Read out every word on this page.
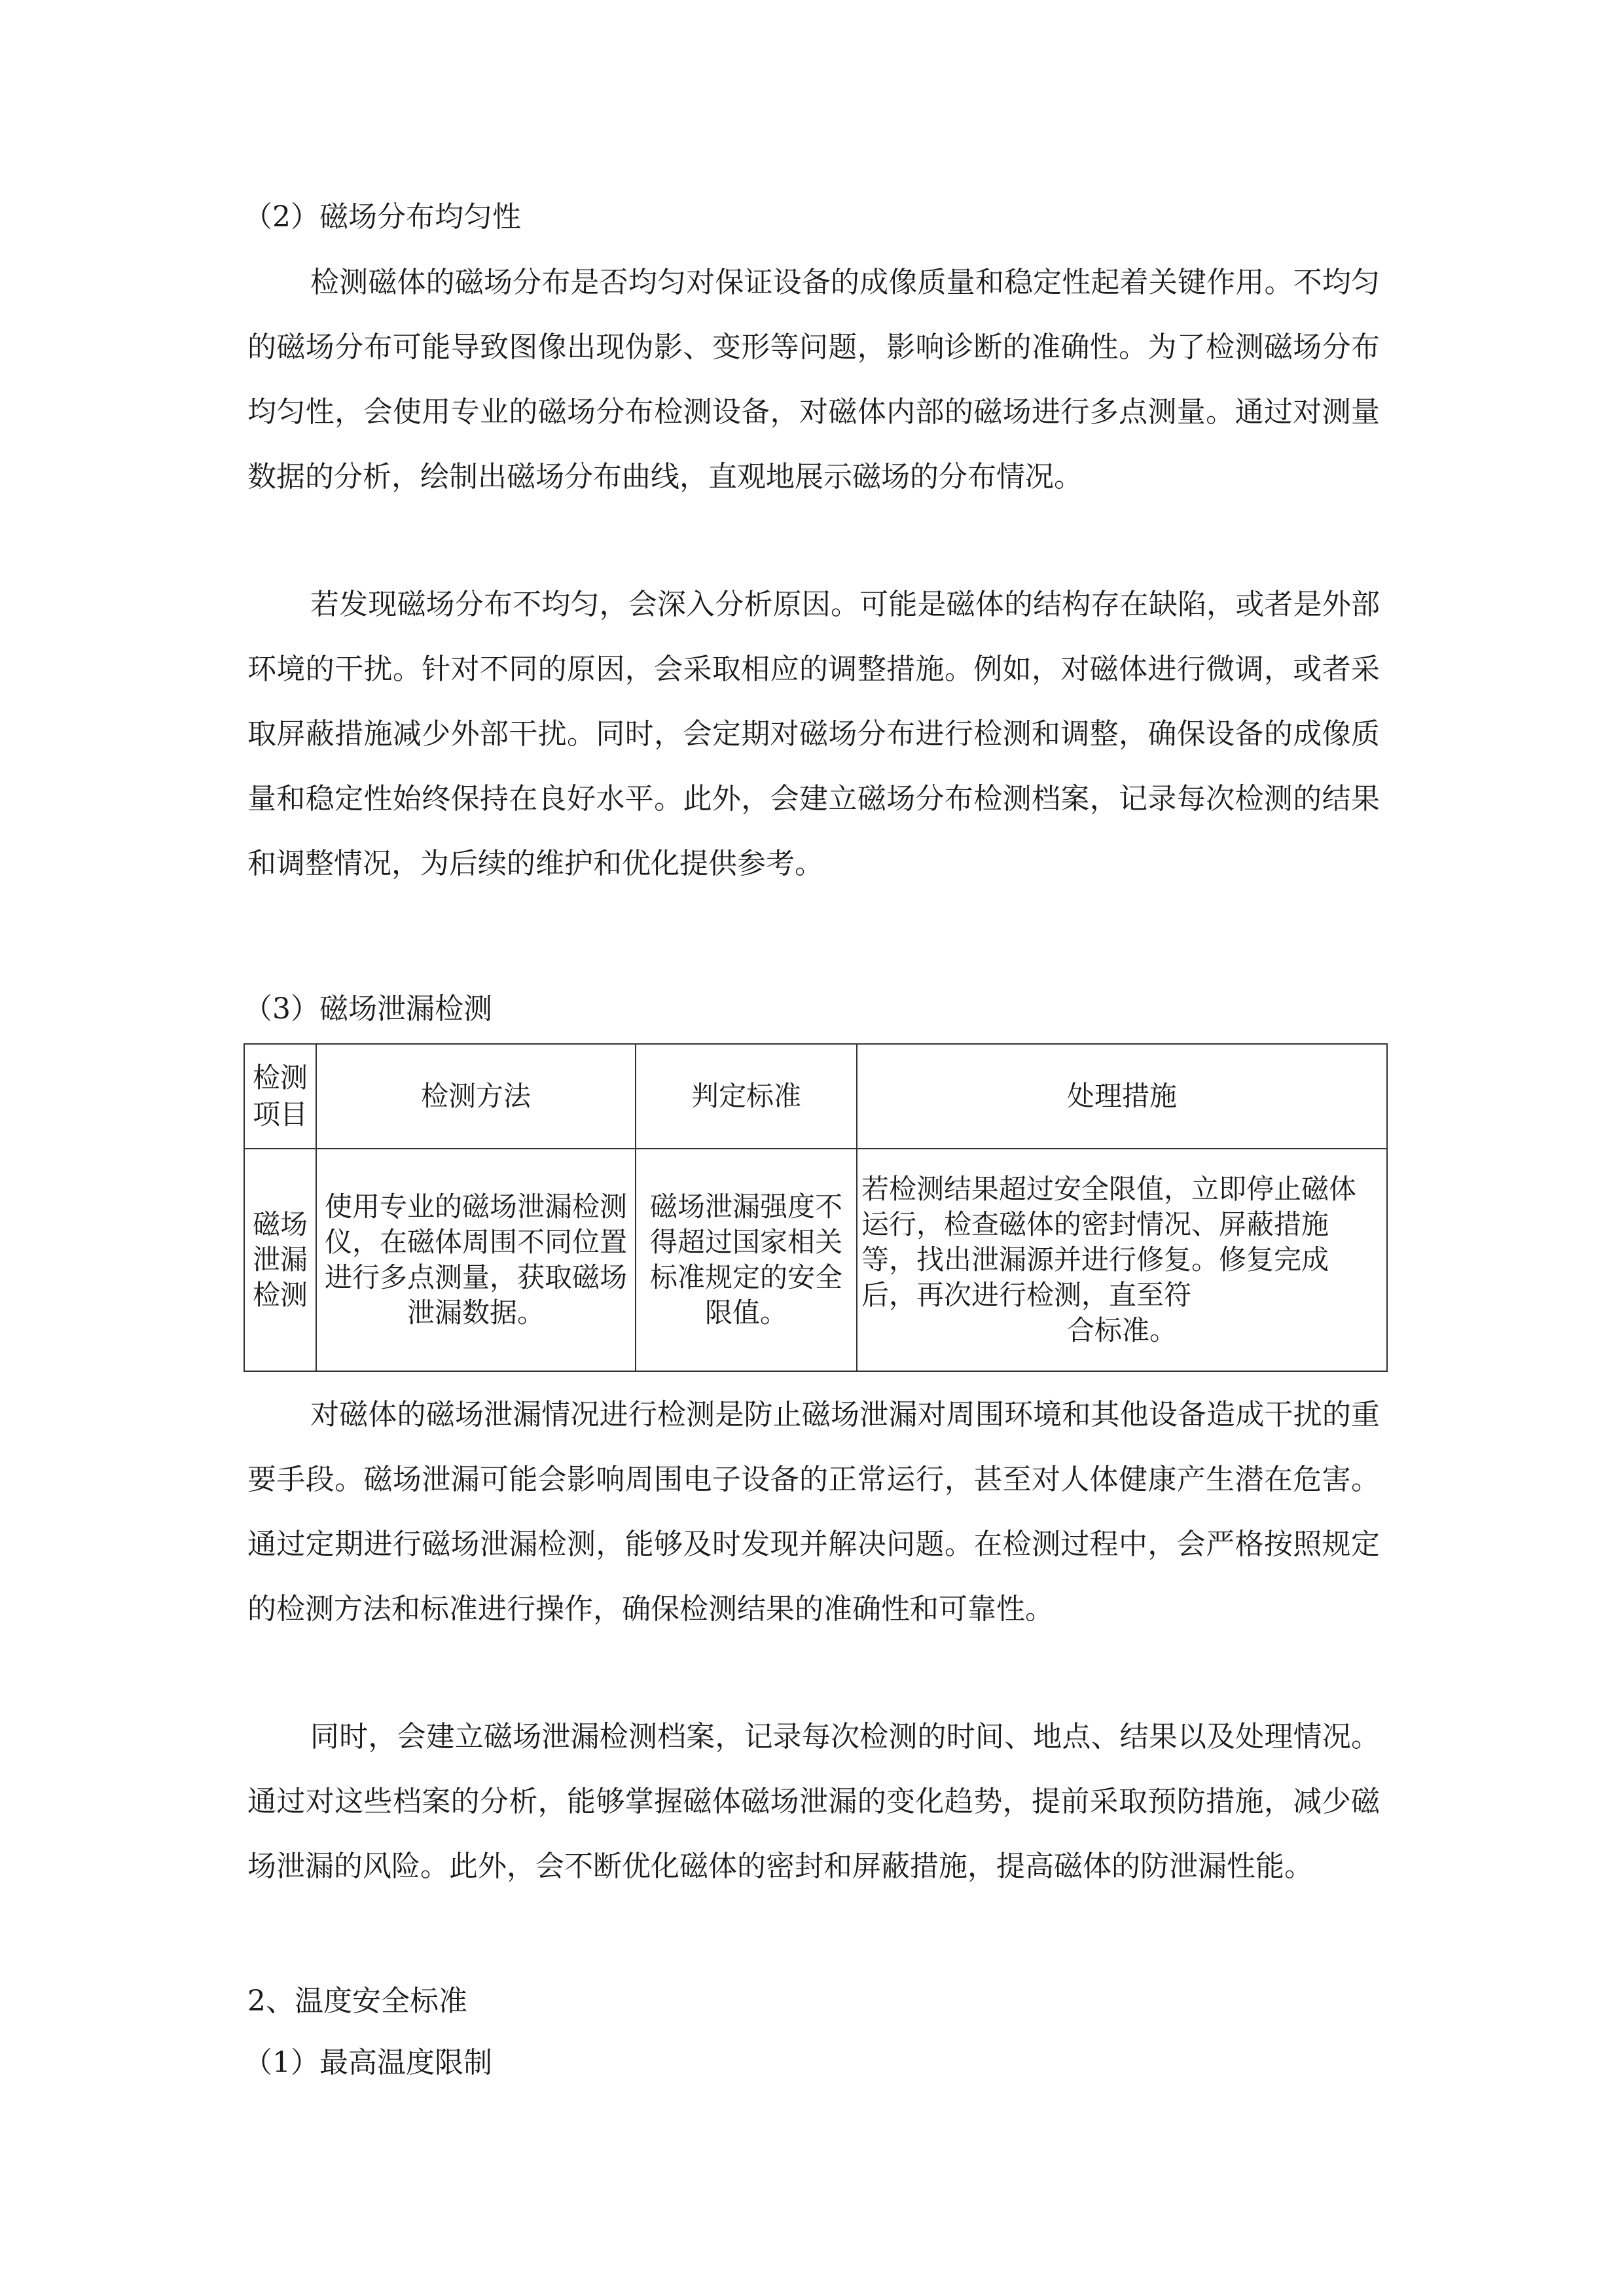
（2）磁场分布均匀性

检测磁体的磁场分布是否均匀对保证设备的成像质量和稳定性起着关键作用。不均匀的磁场分布可能导致图像出现伪影、变形等问题，影响诊断的准确性。为了检测磁场分布均匀性，会使用专业的磁场分布检测设备，对磁体内部的磁场进行多点测量。通过对测量数据的分析，绘制出磁场分布曲线，直观地展示磁场的分布情况。

若发现磁场分布不均匀，会深入分析原因。可能是磁体的结构存在缺陷，或者是外部环境的干扰。针对不同的原因，会采取相应的调整措施。例如，对磁体进行微调，或者采取屏蔽措施减少外部干扰。同时，会定期对磁场分布进行检测和调整，确保设备的成像质量和稳定性始终保持在良好水平。此外，会建立磁场分布检测档案，记录每次检测的结果和调整情况，为后续的维护和优化提供参考。

（3）磁场泄漏检测
检测项目	检测方法	判定标准	处理措施
磁场泄漏检测	使用专业的磁场泄漏检测仪，在磁体周围不同位置进行多点测量，获取磁场泄漏数据。	磁场泄漏强度不得超过国家相关标准规定的安全限值。	若检测结果超过安全限值，立即停止磁体运行，检查磁体的密封情况、屏蔽措施等，找出泄漏源并进行修复。修复完成后，再次进行检测，直至符
合标准。

对磁体的磁场泄漏情况进行检测是防止磁场泄漏对周围环境和其他设备造成干扰的重要手段。磁场泄漏可能会影响周围电子设备的正常运行，甚至对人体健康产生潜在危害。通过定期进行磁场泄漏检测，能够及时发现并解决问题。在检测过程中，会严格按照规定的检测方法和标准进行操作，确保检测结果的准确性和可靠性。

同时，会建立磁场泄漏检测档案，记录每次检测的时间、地点、结果以及处理情况。通过对这些档案的分析，能够掌握磁体磁场泄漏的变化趋势，提前采取预防措施，减少磁场泄漏的风险。此外，会不断优化磁体的密封和屏蔽措施，提高磁体的防泄漏性能。

2、温度安全标准
（1）最高温度限制
